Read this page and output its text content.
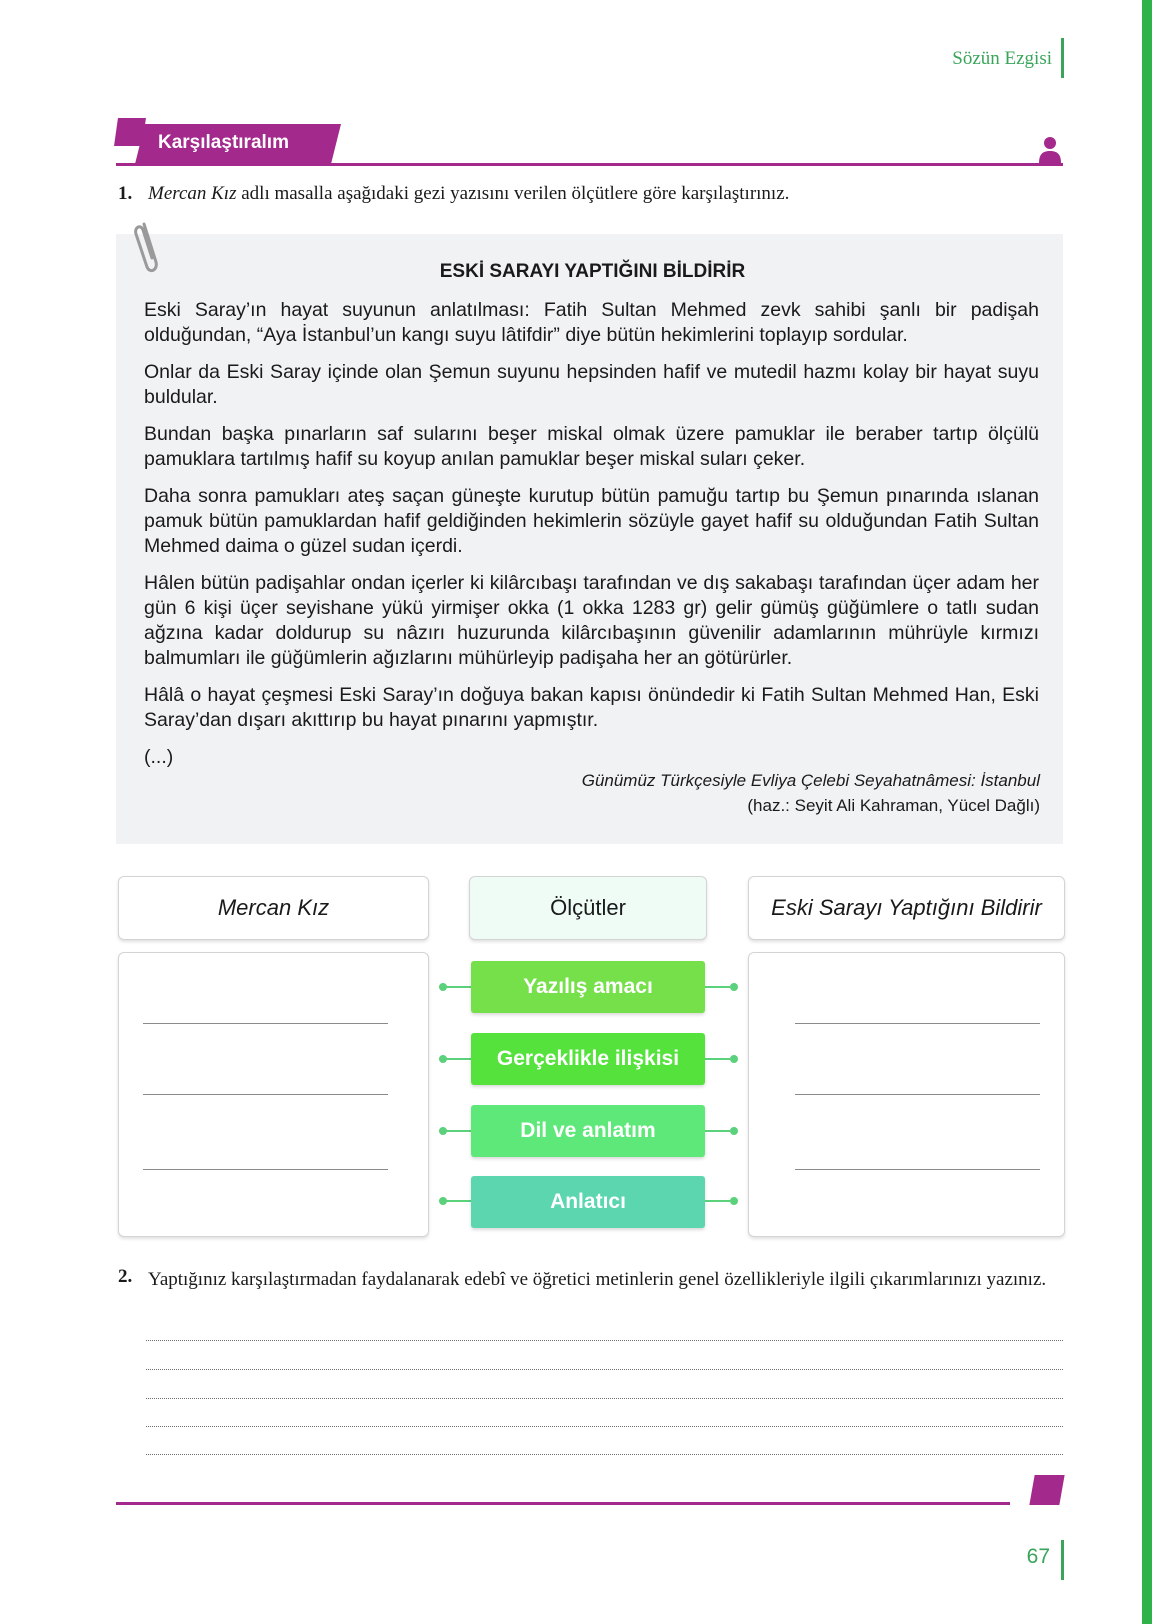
Sözün Ezgisi
Karşılaştıralım
1. Mercan Kız adlı masalla aşağıdaki gezi yazısını verilen ölçütlere göre karşılaştırınız.
ESKİ SARAYI YAPTIĞINI BİLDİRİR

Eski Saray’ın hayat suyunun anlatılması: Fatih Sultan Mehmed zevk sahibi şanlı bir padişah olduğundan, “Aya İstanbul’un kangı suyu lâtifdir” diye bütün hekimlerini toplayıp sordular.

Onlar da Eski Saray içinde olan Şemun suyunu hepsinden hafif ve mutedil hazmı kolay bir hayat suyu buldular.

Bundan başka pınarların saf sularını beşer miskal olmak üzere pamuklar ile beraber tartıp ölçülü pamuklara tartılmış hafif su koyup anılan pamuklar beşer miskal suları çeker.

Daha sonra pamukları ateş saçan güneşte kurutup bütün pamuğu tartıp bu Şemun pınarında ıslanan pamuk bütün pamuklardan hafif geldiğinden hekimlerin sözüyle gayet hafif su olduğundan Fatih Sultan Mehmed daima o güzel sudan içerdi.

Hâlen bütün padişahlar ondan içerler ki kilârcıbaşı tarafından ve dış sakabaşı tarafından üçer adam her gün 6 kişi üçer seyishane yükü yirmişer okka (1 okka 1283 gr) gelir gümüş güğümlere o tatlı sudan ağzına kadar doldurup su nâzırı huzurunda kilârcıbaşının güvenilir adamlarının mührüyle kırmızı balmumları ile güğümlerin ağızlarını mühürleyip padişaha her an götürürler.

Hâlâ o hayat çeşmesi Eski Saray’ın doğuya bakan kapısı önündedir ki Fatih Sultan Mehmed Han, Eski Saray’dan dışarı akıttırıp bu hayat pınarını yapmıştır.

(...)

Günümüz Türkçesiyle Evliya Çelebi Seyahatnâmesi: İstanbul
(haz.: Seyit Ali Kahraman, Yücel Dağlı)
Mercan Kız	Ölçütler	Eski Sarayı Yaptığını Bildirir
Yazılış amacı
Gerçeklikle ilişkisi
Dil ve anlatım
Anlatıcı
2. Yaptığınız karşılaştırmadan faydalanarak edebî ve öğretici metinlerin genel özellikleriyle ilgili çıkarımlarınızı yazınız.
67
